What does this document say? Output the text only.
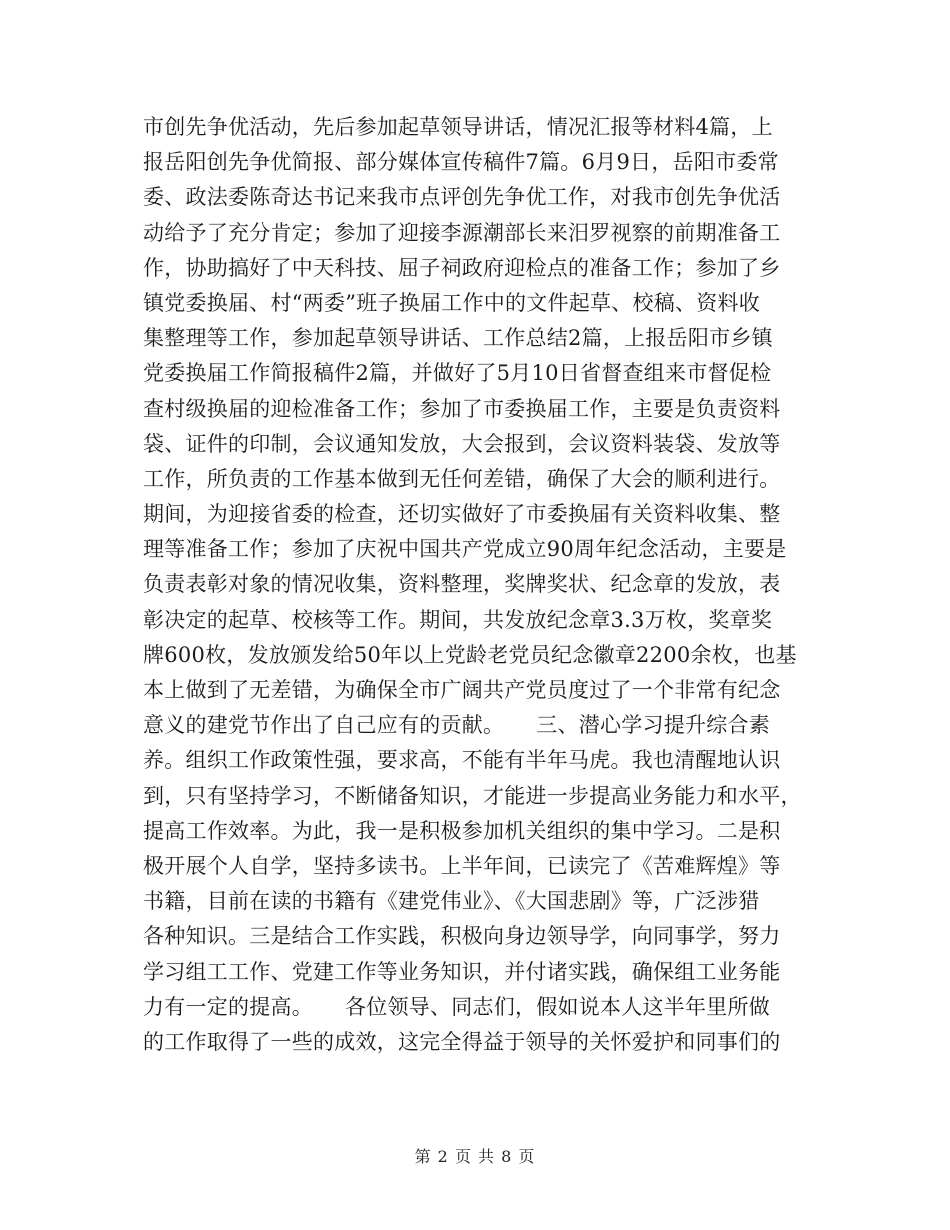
市创先争优活动，先后参加起草领导讲话，情况汇报等材料4篇，上
报岳阳创先争优简报、部分媒体宣传稿件7篇。6月9日，岳阳市委常
委、政法委陈奇达书记来我市点评创先争优工作，对我市创先争优活
动给予了充分肯定；参加了迎接李源潮部长来汨罗视察的前期准备工
作，协助搞好了中天科技、屈子祠政府迎检点的准备工作；参加了乡
镇党委换届、村“两委”班子换届工作中的文件起草、校稿、资料收
集整理等工作，参加起草领导讲话、工作总结2篇，上报岳阳市乡镇
党委换届工作简报稿件2篇，并做好了5月10日省督查组来市督促检
查村级换届的迎检准备工作；参加了市委换届工作，主要是负责资料
袋、证件的印制，会议通知发放，大会报到，会议资料装袋、发放等
工作，所负责的工作基本做到无任何差错，确保了大会的顺利进行。
期间，为迎接省委的检查，还切实做好了市委换届有关资料收集、整
理等准备工作；参加了庆祝中国共产党成立90周年纪念活动，主要是
负责表彰对象的情况收集，资料整理，奖牌奖状、纪念章的发放，表
彰决定的起草、校核等工作。期间，共发放纪念章3.3万枚，奖章奖
牌600枚，发放颁发给50年以上党龄老党员纪念徽章2200余枚，也基
本上做到了无差错，为确保全市广阔共产党员度过了一个非常有纪念
意义的建党节作出了自己应有的贡献。　　三、潜心学习提升综合素
养。组织工作政策性强，要求高，不能有半年马虎。我也清醒地认识
到，只有坚持学习，不断储备知识，才能进一步提高业务能力和水平，
提高工作效率。为此，我一是积极参加机关组织的集中学习。二是积
极开展个人自学，坚持多读书。上半年间，已读完了《苦难辉煌》等
书籍，目前在读的书籍有《建党伟业》、《大国悲剧》等，广泛涉猎
各种知识。三是结合工作实践，积极向身边领导学，向同事学，努力
学习组工工作、党建工作等业务知识，并付诸实践，确保组工业务能
力有一定的提高。　　各位领导、同志们，假如说本人这半年里所做
的工作取得了一些的成效，这完全得益于领导的关怀爱护和同事们的
第 2 页 共 8 页
